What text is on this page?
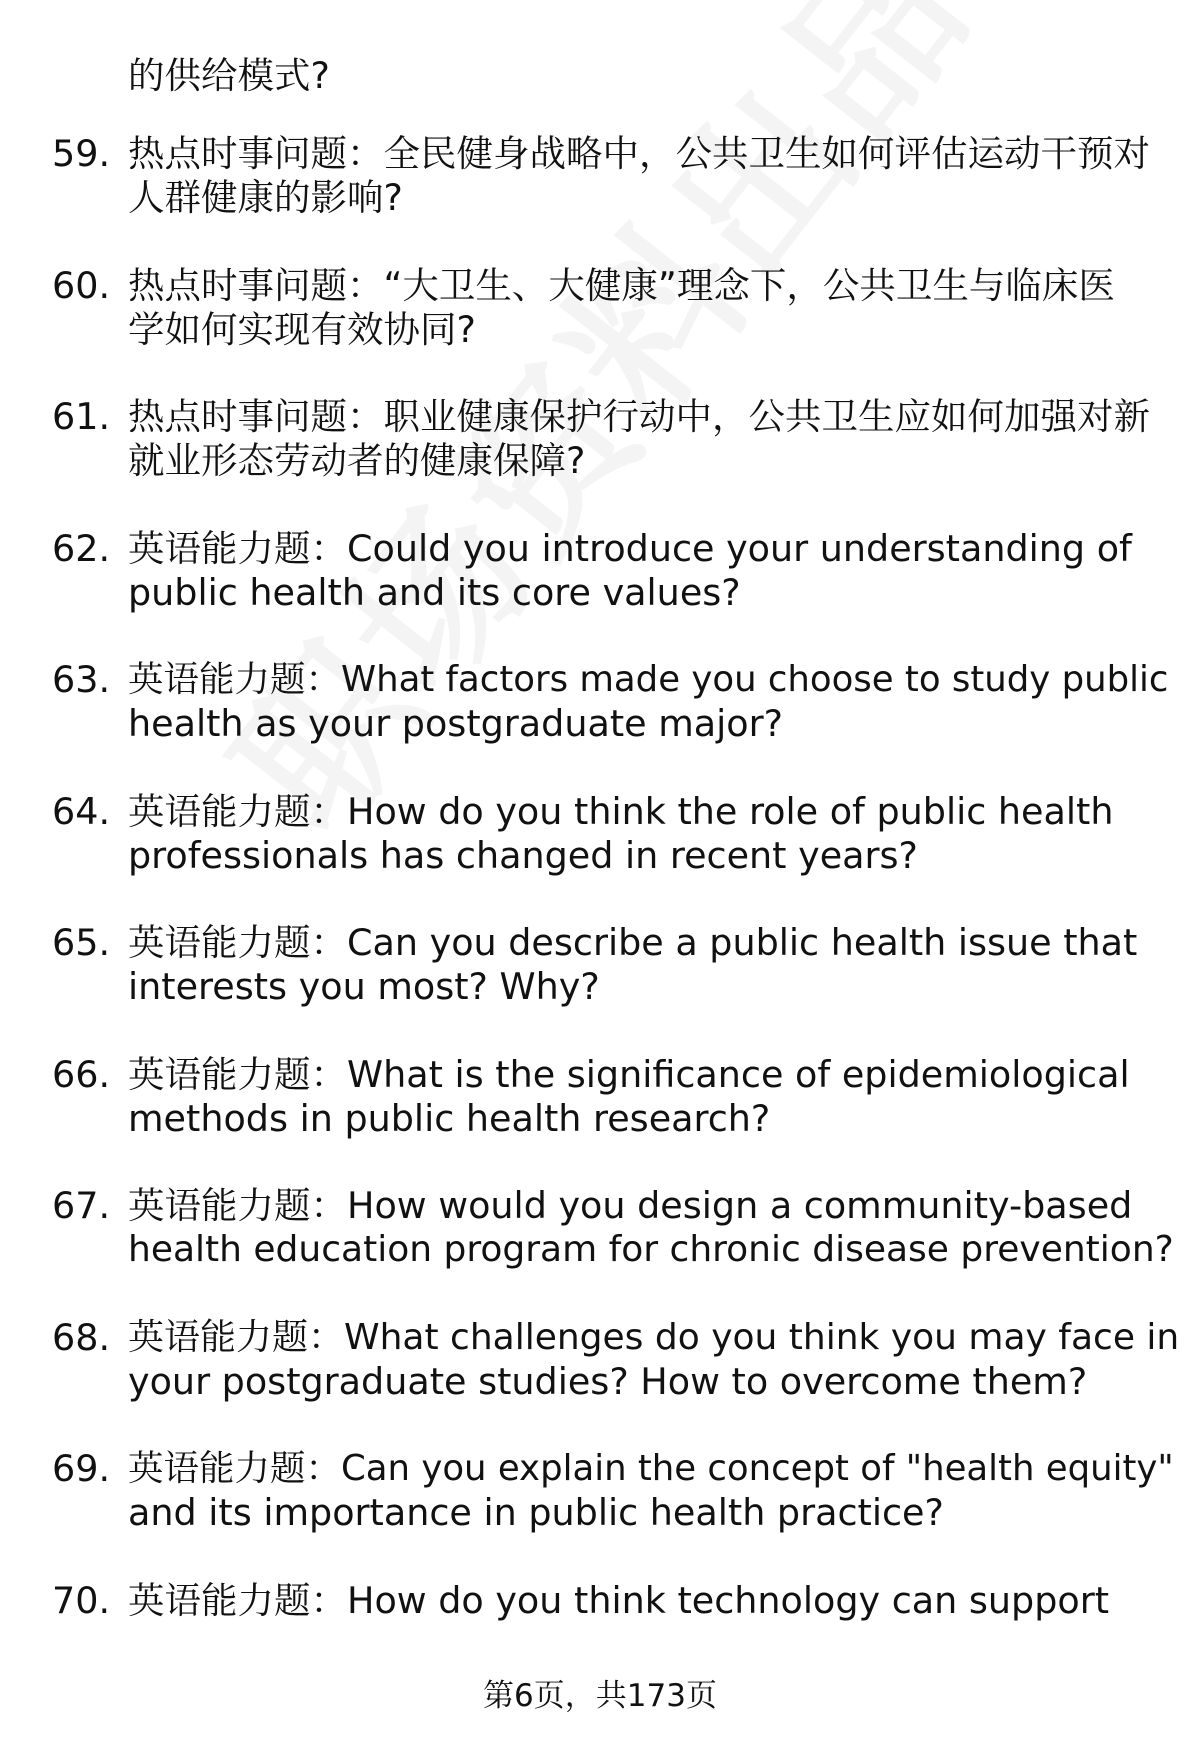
的供给模式?
59. 热点时事问题：全民健身战略中，公共卫生如何评估运动干预对
人群健康的影响?
60. 热点时事问题：“大卫生、大健康”理念下，公共卫生与临床医
学如何实现有效协同?
61. 热点时事问题：职业健康保护行动中，公共卫生应如何加强对新
就业形态劳动者的健康保障?
62. 英语能力题：Could you introduce your understanding of
public health and its core values?
63. 英语能力题：What factors made you choose to study public
health as your postgraduate major?
64. 英语能力题：How do you think the role of public health
professionals has changed in recent years?
65. 英语能力题：Can you describe a public health issue that
interests you most? Why?
66. 英语能力题：What is the significance of epidemiological
methods in public health research?
67. 英语能力题：How would you design a community-based
health education program for chronic disease prevention?
68. 英语能力题：What challenges do you think you may face in
your postgraduate studies? How to overcome them?
69. 英语能力题：Can you explain the concept of "health equity"
and its importance in public health practice?
70. 英语能力题：How do you think technology can support
第6页，共173页
